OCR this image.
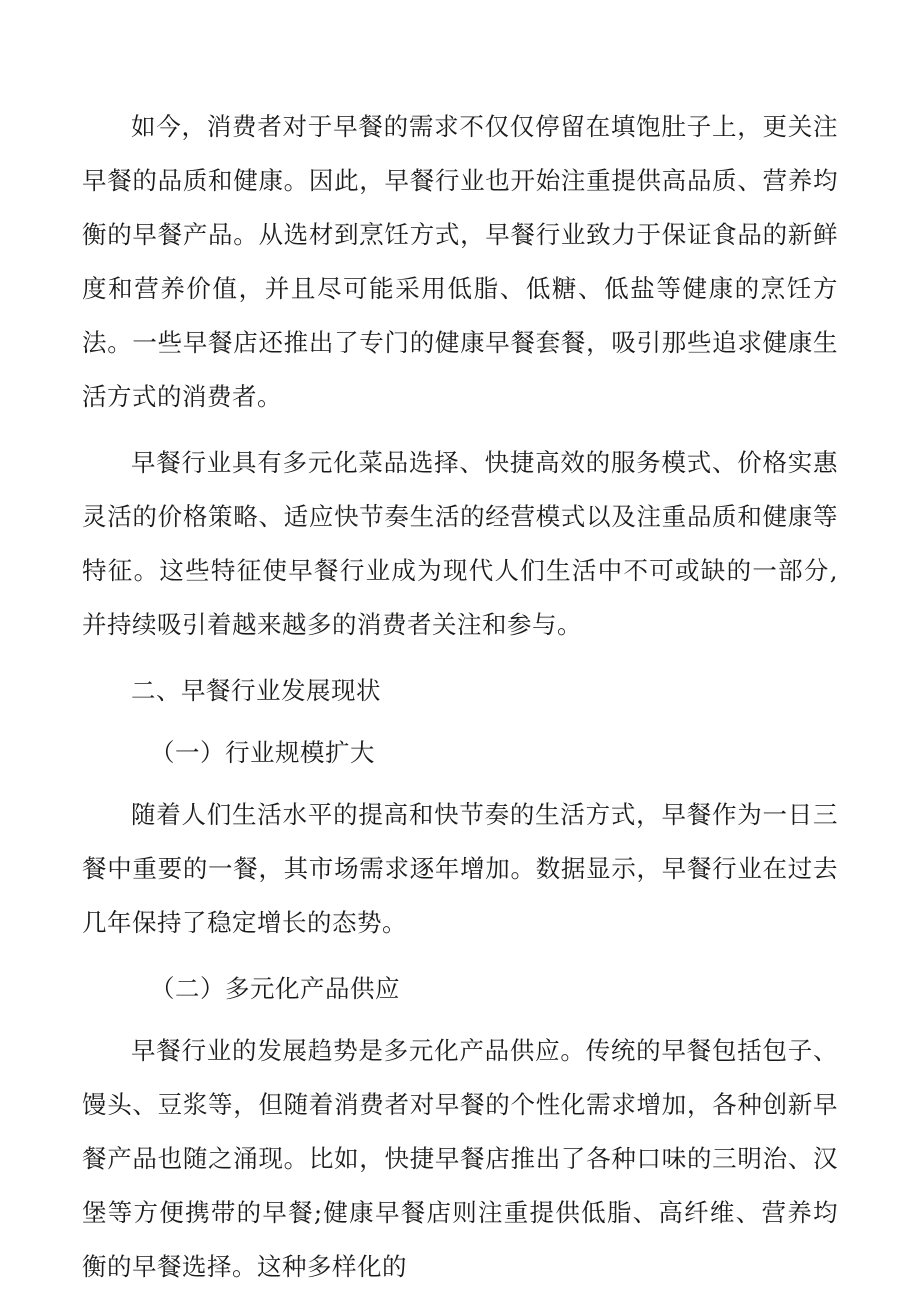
如今，消费者对于早餐的需求不仅仅停留在填饱肚子上，更关注早餐的品质和健康。因此，早餐行业也开始注重提供高品质、营养均衡的早餐产品。从选材到烹饪方式，早餐行业致力于保证食品的新鲜度和营养价值，并且尽可能采用低脂、低糖、低盐等健康的烹饪方法。一些早餐店还推出了专门的健康早餐套餐，吸引那些追求健康生活方式的消费者。

早餐行业具有多元化菜品选择、快捷高效的服务模式、价格实惠灵活的价格策略、适应快节奏生活的经营模式以及注重品质和健康等特征。这些特征使早餐行业成为现代人们生活中不可或缺的一部分,并持续吸引着越来越多的消费者关注和参与。

二、早餐行业发展现状

（一）行业规模扩大

随着人们生活水平的提高和快节奏的生活方式，早餐作为一日三餐中重要的一餐，其市场需求逐年增加。数据显示，早餐行业在过去几年保持了稳定增长的态势。

（二）多元化产品供应

早餐行业的发展趋势是多元化产品供应。传统的早餐包括包子、馒头、豆浆等，但随着消费者对早餐的个性化需求增加，各种创新早餐产品也随之涌现。比如，快捷早餐店推出了各种口味的三明治、汉堡等方便携带的早餐;健康早餐店则注重提供低脂、高纤维、营养均衡的早餐选择。这种多样化的
